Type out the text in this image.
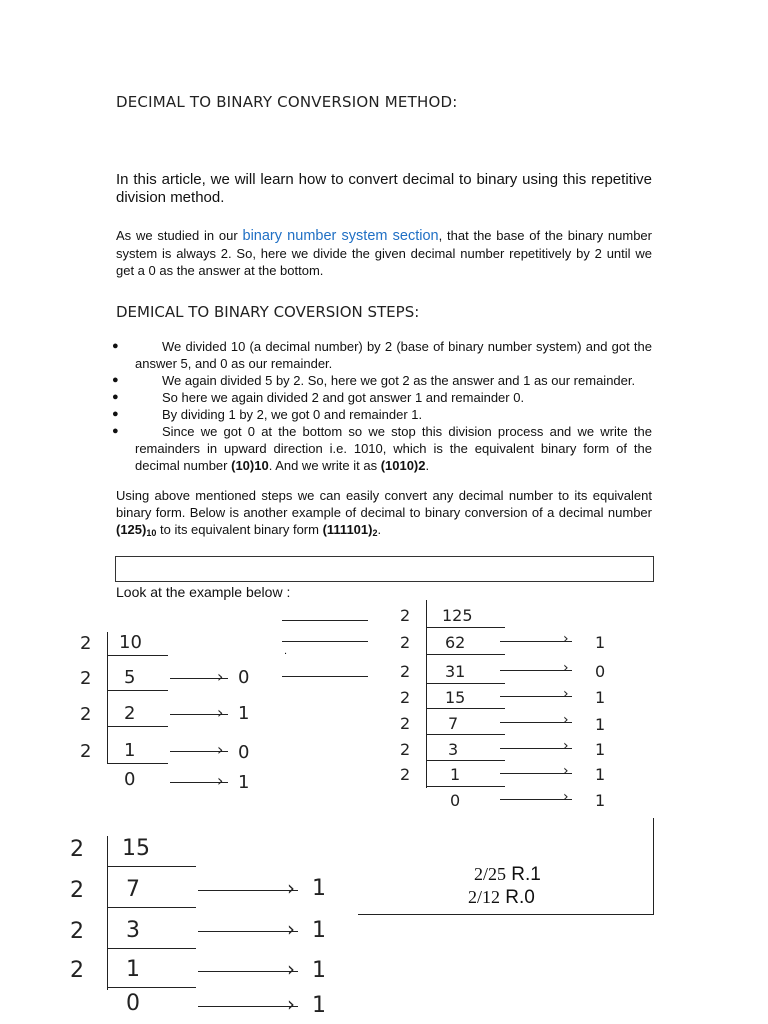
DECIMAL TO BINARY CONVERSION METHOD:
In this article, we will learn how to convert decimal to binary using this repetitive division method.
As we studied in our binary number system section, that the base of the binary number system is always 2. So, here we divide the given decimal number repetitively by 2 until we get a 0 as the answer at the bottom.
DEMICAL TO BINARY COVERSION STEPS:
●	We divided 10 (a decimal number) by 2 (base of binary number system) and got the answer 5, and 0 as our remainder.
●	We again divided 5 by 2. So, here we got 2 as the answer and 1 as our remainder.
●	So here we again divided 2 and got answer 1 and remainder 0.
●	By dividing 1 by 2, we got 0 and remainder 1.
●	Since we got 0 at the bottom so we stop this division process and we write the remainders in upward direction i.e. 1010, which is the equivalent binary form of the decimal number (10)10. And we write it as (1010)2.
Using above mentioned steps we can easily convert any decimal number to its equivalent binary form. Below is another example of decimal to binary conversion of a decimal number (125)10 to its equivalent binary form (111101)2.
Look at the example below :
.
2 10
2 5	› 0
2 2	› 1
2 1	› 0
0	› 1
2 125
2 62	› 1
2 31	› 0
2 15	› 1
2 7	› 1
2 3	› 1
2 1	› 1
0	› 1
2 15
2 7	› 1
2 3	› 1
2 1	› 1
0	› 1
2/25 R.1
2/12 R.0
